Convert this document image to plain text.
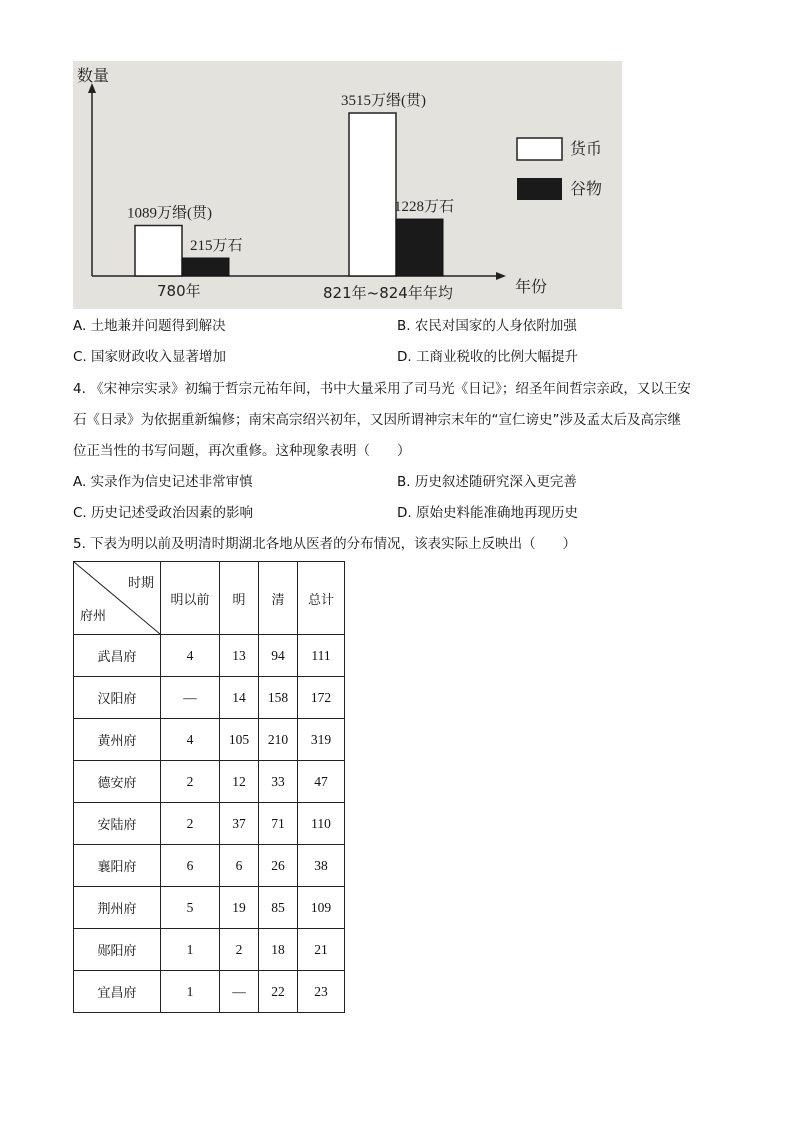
数量
年份
1089万缗(贯)
215万石
3515万缗(贯)
1228万石
780年	821年~824年年均
货币
谷物
A. 土地兼并问题得到解决	B. 农民对国家的人身依附加强
C. 国家财政收入显著增加	D. 工商业税收的比例大幅提升
4. 《宋神宗实录》初编于哲宗元祐年间，书中大量采用了司马光《日记》；绍圣年间哲宗亲政，又以王安
石《日录》为依据重新编修；南宋高宗绍兴初年，又因所谓神宗末年的“宣仁谤史”涉及孟太后及高宗继
位正当性的书写问题，再次重修。这种现象表明（　　）
A. 实录作为信史记述非常审慎	B. 历史叙述随研究深入更完善
C. 历史记述受政治因素的影响	D. 原始史料能准确地再现历史
5. 下表为明以前及明清时期湖北各地从医者的分布情况，该表实际上反映出（　　）
时期
府州	明以前	明	清	总计
武昌府	4	13	94	111
汉阳府	—	14	158	172
黄州府	4	105	210	319
德安府	2	12	33	47
安陆府	2	37	71	110
襄阳府	6	6	26	38
荆州府	5	19	85	109
郧阳府	1	2	18	21
宜昌府	1	—	22	23
